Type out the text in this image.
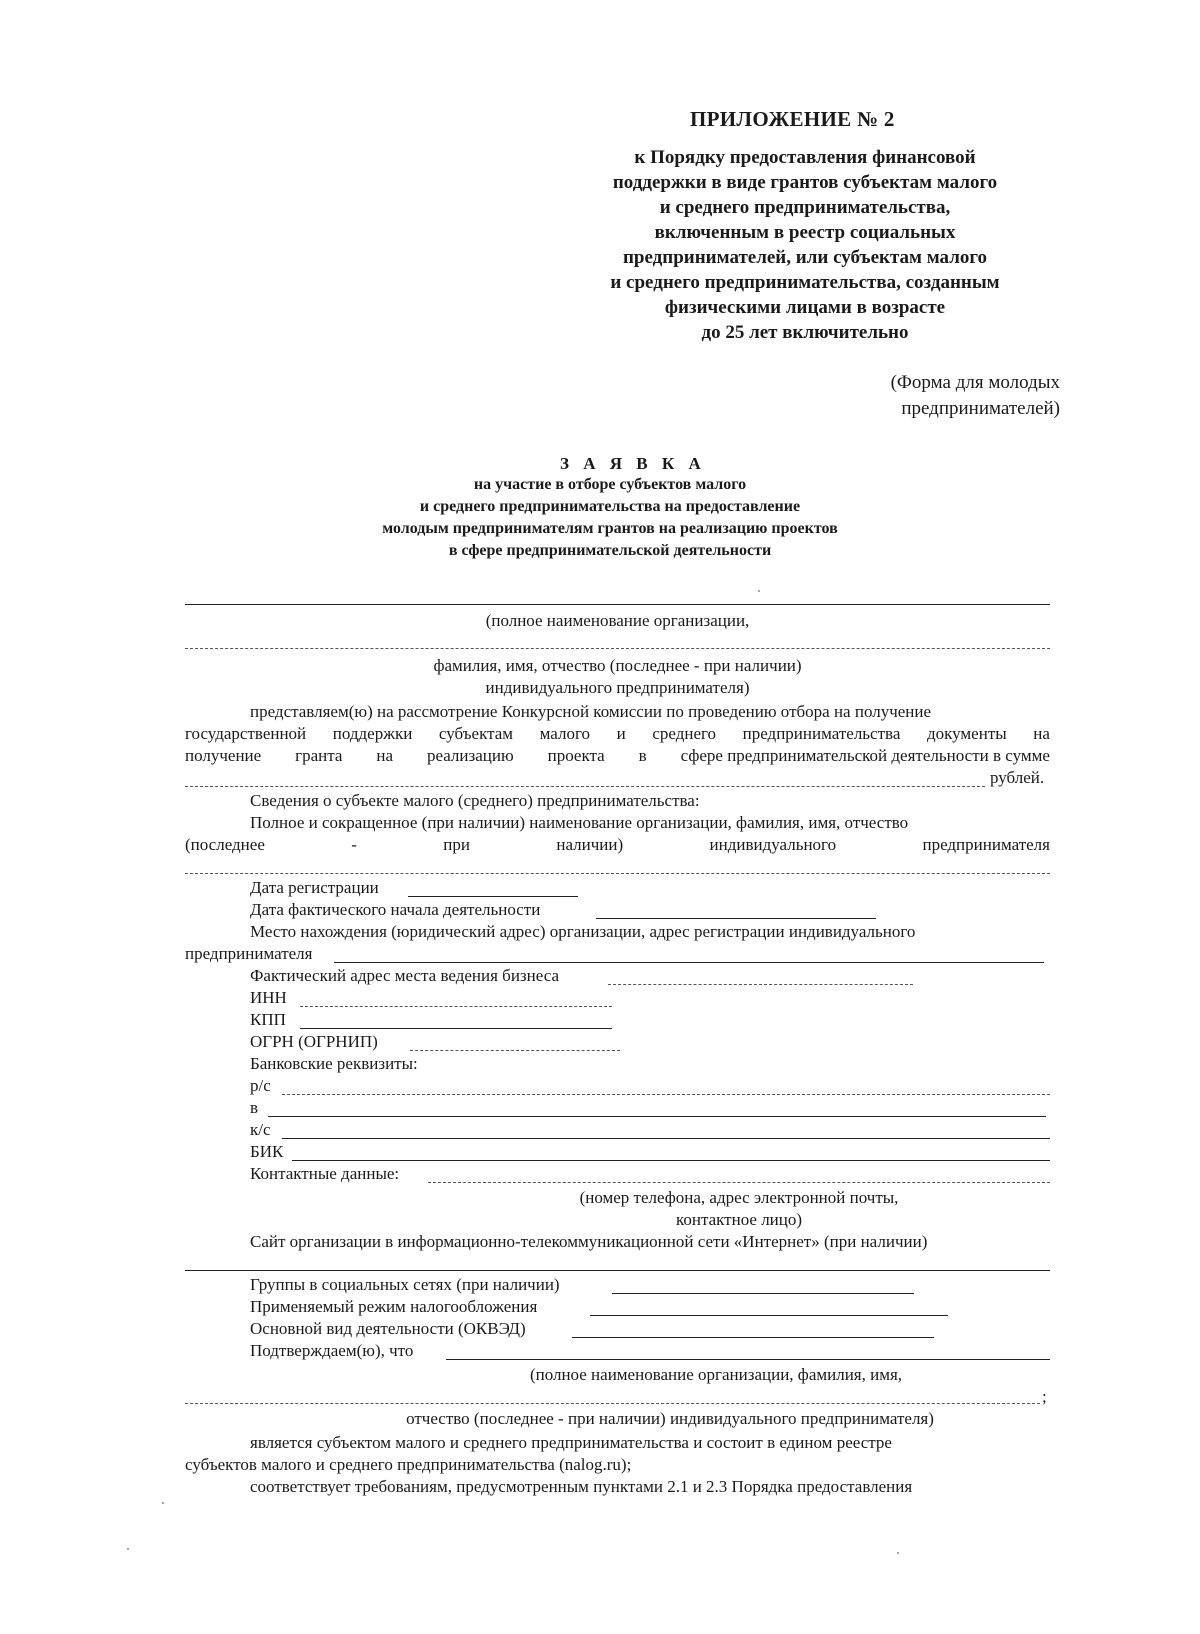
ПРИЛОЖЕНИЕ № 2
к Порядку предоставления финансовой
поддержки в виде грантов субъектам малого
и среднего предпринимательства,
включенным в реестр социальных
предпринимателей, или субъектам малого
и среднего предпринимательства, созданным
физическими лицами в возрасте
до 25 лет включительно
(Форма для молодых
предпринимателей)
З А Я В К А
на участие в отборе субъектов малого
и среднего предпринимательства на предоставление
молодым предпринимателям грантов на реализацию проектов
в сфере предпринимательской деятельности
(полное наименование организации,
фамилия, имя, отчество (последнее - при наличии)
индивидуального предпринимателя)
представляем(ю) на рассмотрение Конкурсной комиссии по проведению отбора на получение
государственной поддержки субъектам малого и среднего предпринимательства документы на
получение гранта на реализацию проекта в сфере предпринимательской деятельности в сумме
рублей.
Сведения о субъекте малого (среднего) предпринимательства:
Полное и сокращенное (при наличии) наименование организации, фамилия, имя, отчество
(последнее	-	при	наличии)	индивидуального	предпринимателя
Дата регистрации
Дата фактического начала деятельности
Место нахождения (юридический адрес) организации, адрес регистрации индивидуального
предпринимателя
Фактический адрес места ведения бизнеса
ИНН
КПП
ОГРН (ОГРНИП)
Банковские реквизиты:
р/с
в
к/с
БИК
Контактные данные:
(номер телефона, адрес электронной почты,
контактное лицо)
Сайт организации в информационно-телекоммуникационной сети «Интернет» (при наличии)
Группы в социальных сетях (при наличии)
Применяемый режим налогообложения
Основной вид деятельности (ОКВЭД)
Подтверждаем(ю), что
(полное наименование организации, фамилия, имя,
;
отчество (последнее - при наличии) индивидуального предпринимателя)
является субъектом малого и среднего предпринимательства и состоит в едином реестре
субъектов малого и среднего предпринимательства (nalog.ru);
соответствует требованиям, предусмотренным пунктами 2.1 и 2.3 Порядка предоставления
